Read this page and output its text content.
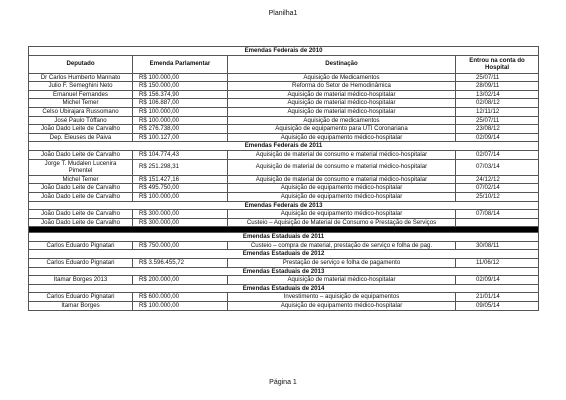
Planilha1
Emendas Federais de 2010			
Deputado	Emenda Parlamentar	Destinação	Entrou na conta do Hospital
Dr Carlos Humberto Mannato	R$ 100.000,00	Aquisição de Medicamentos	25/07/11
Julio F. Semeghini Neto	R$ 150.000,00	Reforma do Setor de Hemodinâmica	28/09/11
Emanuel Fernandes	R$ 156.374,90	Aquisição de material médico-hospitalar	13/02/14
Michel Temer	R$ 106.887,00	Aquisição de material médico-hospitalar	02/08/12
Celso Ubirajara Russomano	R$ 100.000,00	Aquisição de material médico-hospitalar	12/11/12
José Paulo Tóffano	R$ 100.000,00	Aquisição de medicamentos	25/07/11
João Dado Leite de Carvalho	R$ 276.738,00	Aquisição de equipamento para UTI Coronariana	23/08/12
Dep. Eleuses de Paiva	R$ 100.127,00	Aquisição de equipamento médico-hospitalar	02/09/14
Emendas Federais de 2011			
João Dado Leite de Carvalho	R$ 104.774,43	Aquisição de material de consumo e material médico-hospitalar	02/07/14
Jorge T. Mudalen Lucenira Pimentel	R$ 251.298,31	Aquisição de material de consumo e material médico-hospitalar	07/03/14
Michel Temer	R$ 151.427,16	Aquisição de material de consumo e material médico-hospitalar	24/12/12
João Dado Leite de Carvalho	R$ 495.750,00	Aquisição de equipamento médico-hospitalar	07/02/14
João Dado Leite de Carvalho	R$ 100.000,00	Aquisição de equipamento médico-hospitalar	25/10/12
Emendas Federais de 2013			
João Dado Leite de Carvalho	R$ 300.000,00	Aquisição de equipamento médico-hospitalar	07/08/14
João Dado Leite de Carvalho	R$ 300.000,00	Custeio – Aquisição de Material de Consumo e Prestação de Serviços	

Emendas Estaduais de 2011			
Carlos Eduardo Pignatari	R$ 750.000,00	Custeio – compra de material, prestação de serviço e folha de pag.	30/08/11
Emendas Estaduais de 2012			
Carlos Eduardo Pignatari	R$ 3.596.455,72	Prestação de serviço e folha de pagamento	11/06/12
Emendas Estaduais de 2013			
Itamar Borges 2013	R$ 200.000,00	Aquisição de material médico-hospitalar	02/09/14
Emendas Estaduais de 2014			
Carlos Eduardo Pignatari	R$ 600.000,00	Investimento – aquisição de equipamentos	21/01/14
Itamar Borges	R$ 100.000,00	Aquisição de equipamento médico-hospitalar	09/05/14
Página 1
